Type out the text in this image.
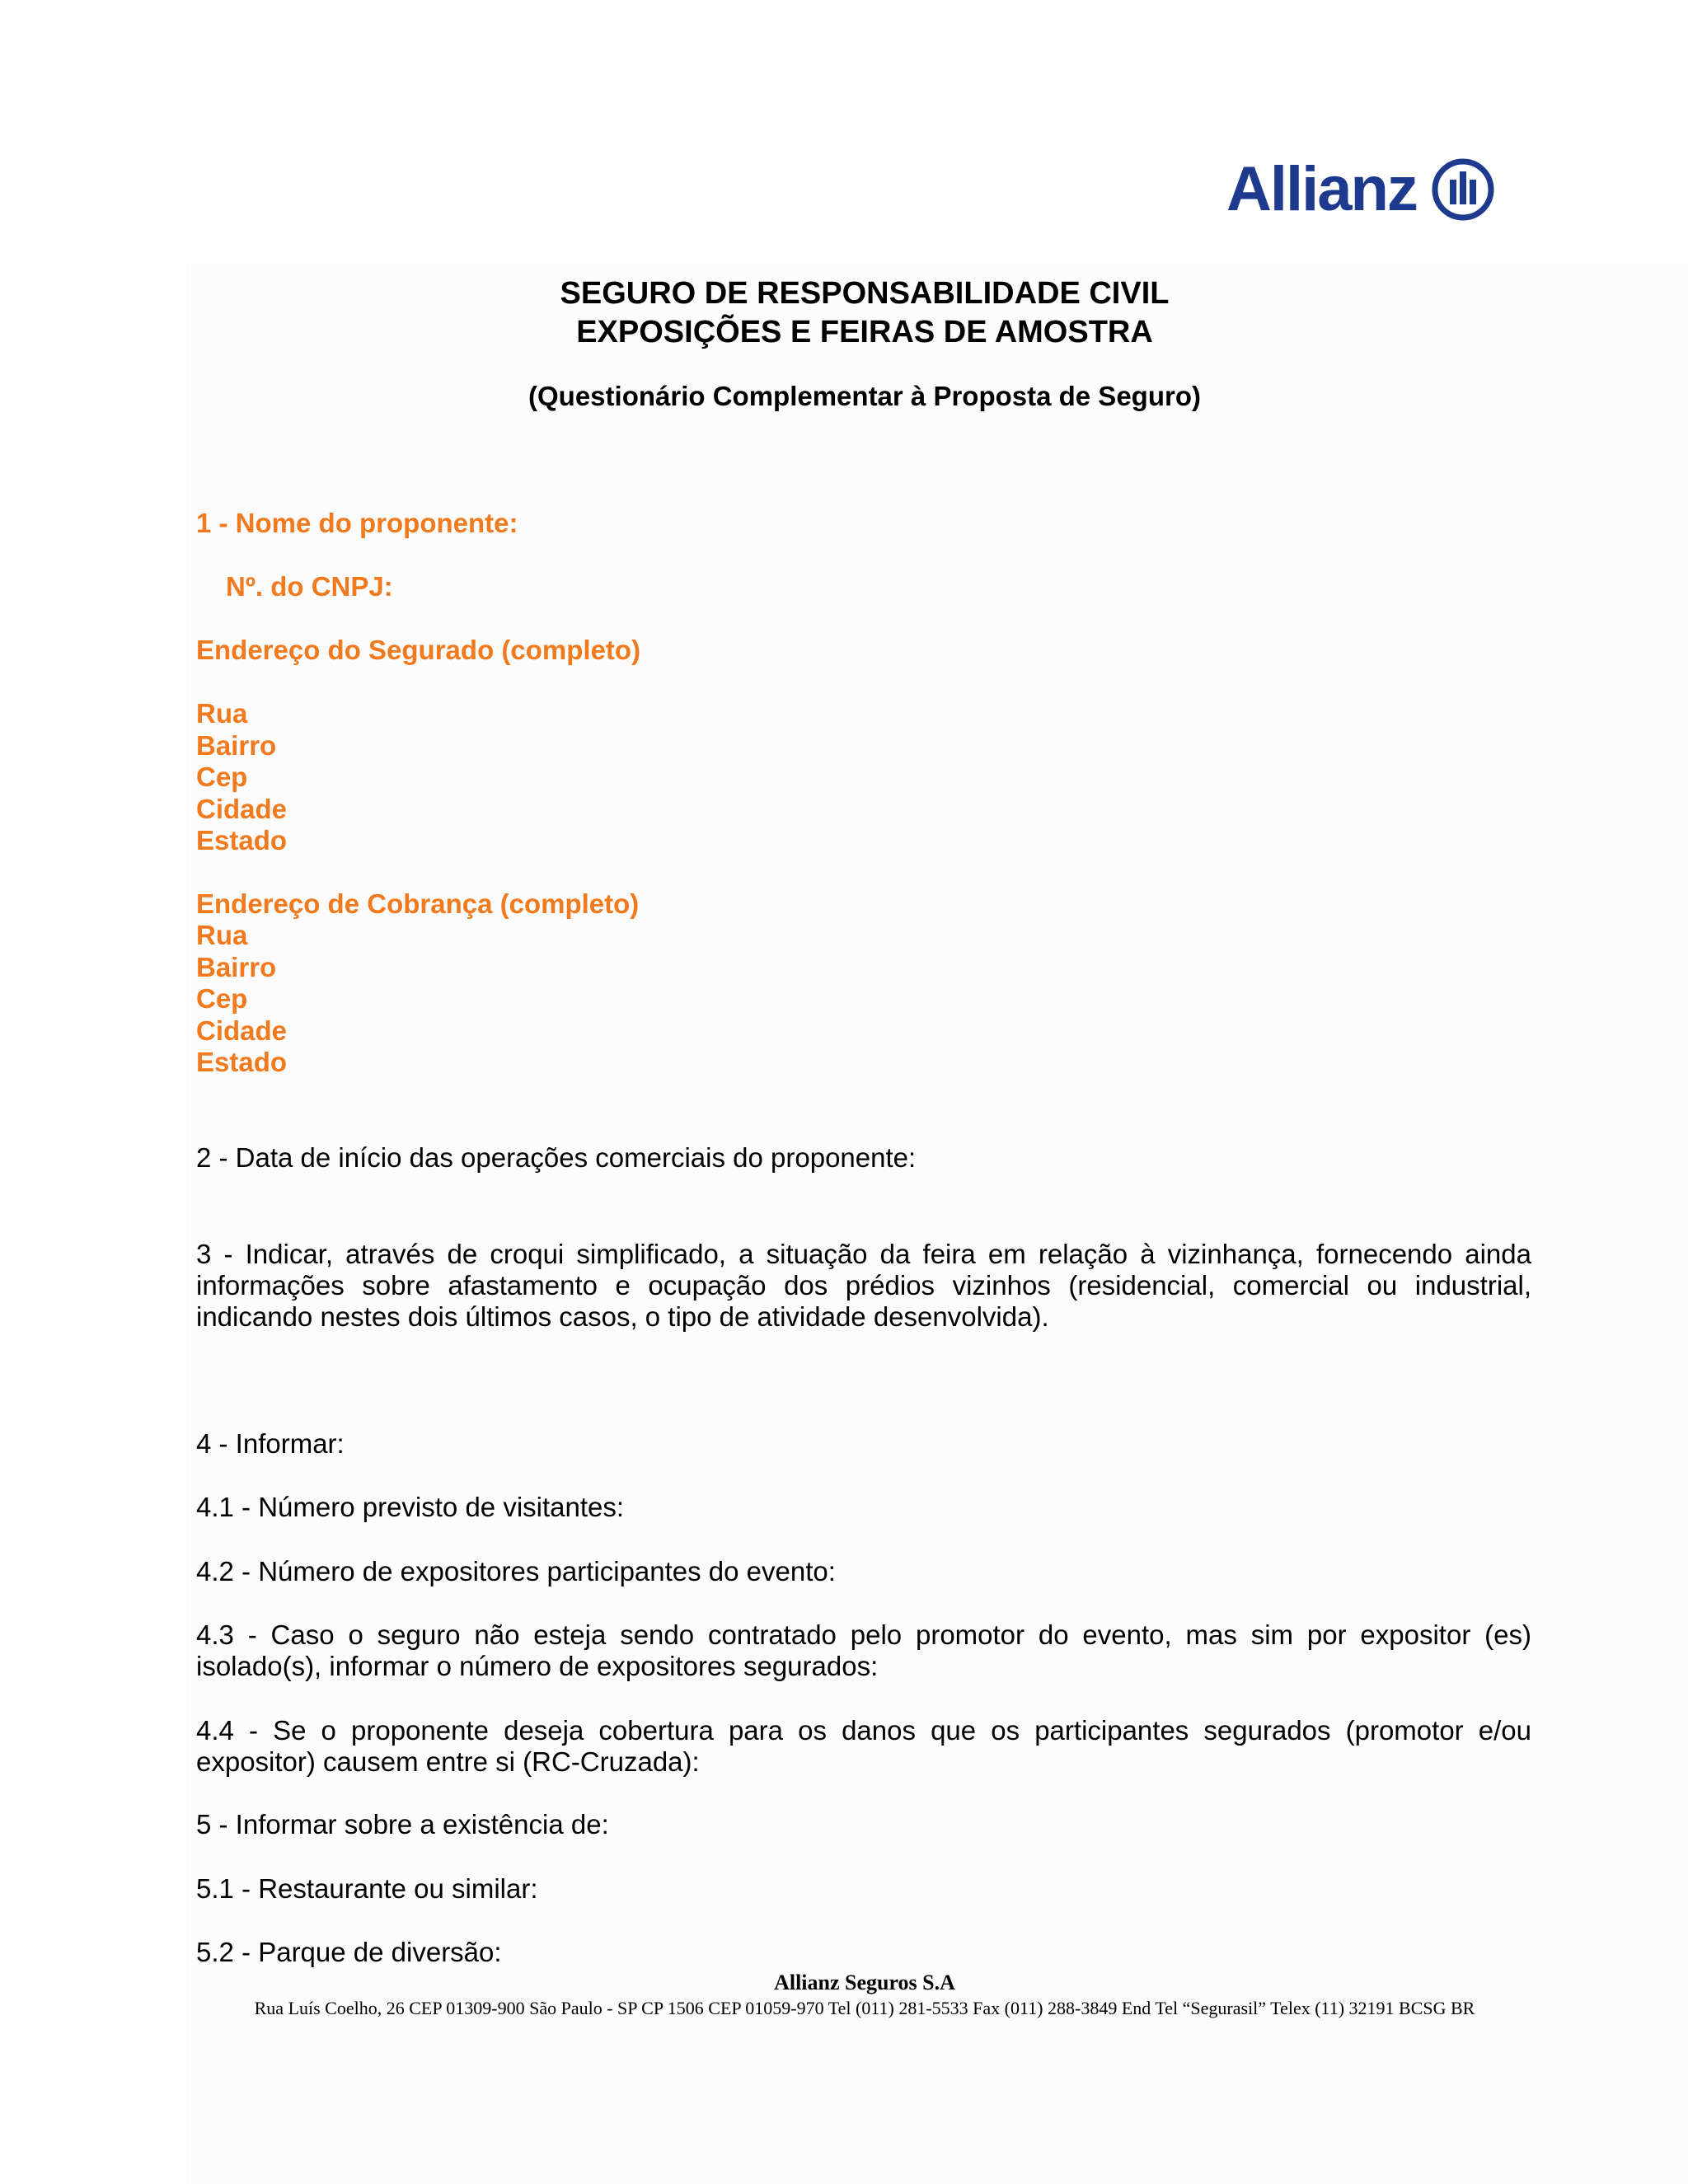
Allianz
SEGURO DE RESPONSABILIDADE CIVIL
EXPOSIÇÕES E FEIRAS DE AMOSTRA
(Questionário Complementar à Proposta de Seguro)
1 - Nome do proponente:
Nº. do CNPJ:
Endereço do Segurado (completo)
Rua
Bairro
Cep
Cidade
Estado
Endereço de Cobrança (completo)
Rua
Bairro
Cep
Cidade
Estado
2 - Data de início das operações comerciais do proponente:
3 - Indicar, através de croqui simplificado, a situação da feira em relação à vizinhança, fornecendo ainda informações sobre afastamento e ocupação dos prédios vizinhos (residencial, comercial ou industrial, indicando nestes dois últimos casos, o tipo de atividade desenvolvida).
4 - Informar:
4.1 - Número previsto de visitantes:
4.2 - Número de expositores participantes do evento:
4.3 - Caso o seguro não esteja sendo contratado pelo promotor do evento, mas sim por expositor (es) isolado(s), informar o número de expositores segurados:
4.4 - Se o proponente deseja cobertura para os danos que os participantes segurados (promotor e/ou expositor) causem entre si (RC-Cruzada):
5 - Informar sobre a existência de:
5.1 - Restaurante ou similar:
5.2 - Parque de diversão:
Allianz Seguros S.A
Rua Luís Coelho, 26 CEP 01309-900 São Paulo - SP CP 1506 CEP 01059-970 Tel (011) 281-5533 Fax (011) 288-3849 End Tel “Segurasil” Telex (11) 32191 BCSG BR
